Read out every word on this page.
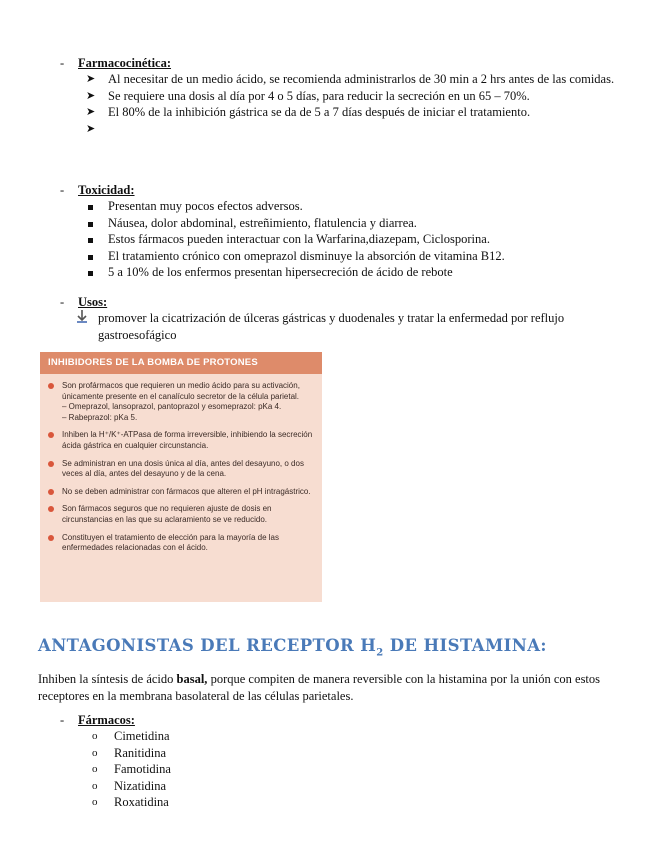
-	Farmacocinética:
➤	Al necesitar de un medio ácido, se recomienda administrarlos de 30 min a 2 hrs antes de las comidas.
➤	Se requiere una dosis al día por 4 o 5 días, para reducir la secreción en un 65 – 70%.
➤	El 80% de la inhibición gástrica se da de 5 a 7 días después de iniciar el tratamiento.
➤
-	Toxicidad:
Presentan muy pocos efectos adversos.
Náusea, dolor abdominal, estreñimiento, flatulencia y diarrea.
Estos fármacos pueden interactuar con la Warfarina,diazepam, Ciclosporina.
El tratamiento crónico con omeprazol disminuye la absorción de vitamina B12.
5 a 10% de los enfermos presentan hipersecreción de ácido de rebote
-	Usos:
promover la cicatrización de úlceras gástricas y duodenales y tratar la enfermedad por reflujo gastroesofágico
INHIBIDORES DE LA BOMBA DE PROTONES
Son profármacos que requieren un medio ácido para su activación, únicamente presente en el canalículo secretor de la célula parietal.
– Omeprazol, lansoprazol, pantoprazol y esomeprazol: pKa 4.
– Rabeprazol: pKa 5.
Inhiben la H⁺/K⁺-ATPasa de forma irreversible, inhibiendo la secreción ácida gástrica en cualquier circunstancia.
Se administran en una dosis única al día, antes del desayuno, o dos veces al día, antes del desayuno y de la cena.
No se deben administrar con fármacos que alteren el pH intragástrico.
Son fármacos seguros que no requieren ajuste de dosis en circunstancias en las que su aclaramiento se ve reducido.
Constituyen el tratamiento de elección para la mayoría de las enfermedades relacionadas con el ácido.
ANTAGONISTAS DEL RECEPTOR $H_2$ DE HISTAMINA:
Inhiben la síntesis de ácido basal, porque compiten de manera reversible con la histamina por la unión con estos receptores en la membrana basolateral de las células parietales.
-	Fármacos:
o	Cimetidina
o	Ranitidina
o	Famotidina
o	Nizatidina
o	Roxatidina
